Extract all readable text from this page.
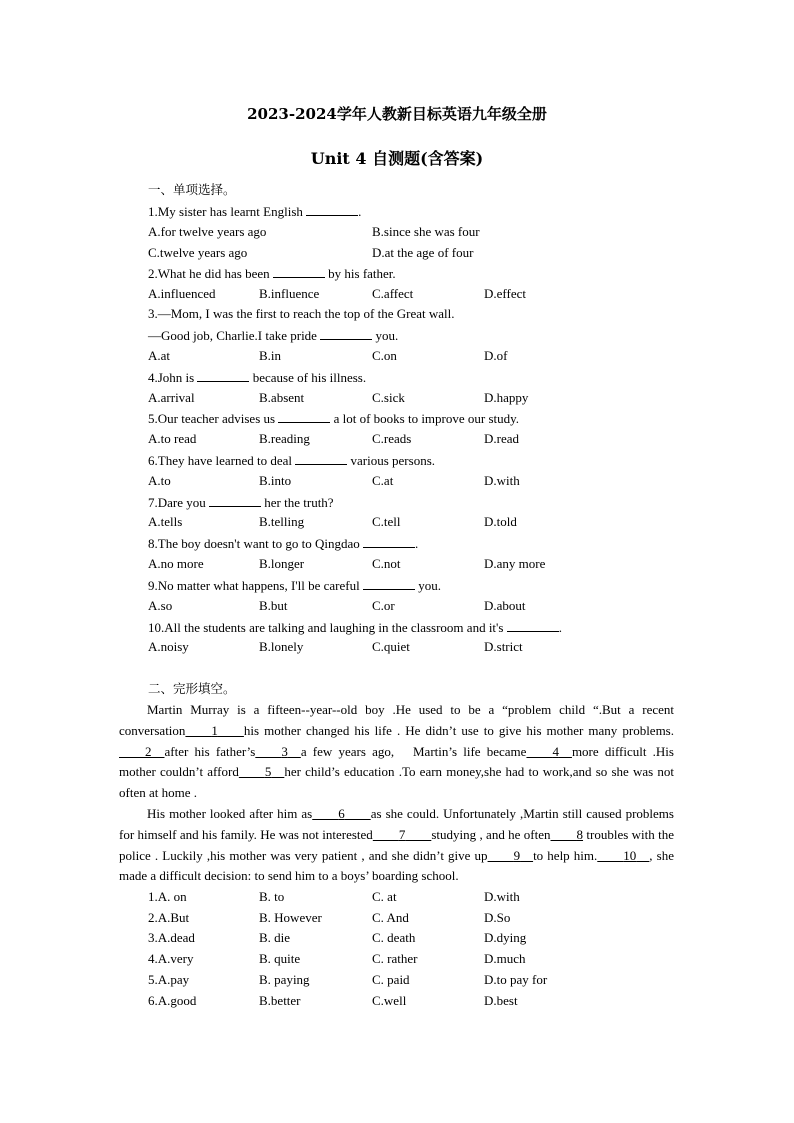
2023-2024学年人教新目标英语九年级全册
Unit 4 自测题(含答案)
一、单项选择。
1.My sister has learnt English	.
A.for twelve years ago	B.since she was four
C.twelve years ago	D.at the age of four
2.What he did has been	by his father.
A.influenced	B.influence	C.affect	D.effect
3.—Mom, I was the first to reach the top of the Great wall.
—Good job, Charlie.I take pride	you.
A.at	B.in	C.on	D.of
4.John is	because of his illness.
A.arrival	B.absent	C.sick	D.happy
5.Our teacher advises us	a lot of books to improve our study.
A.to read	B.reading	C.reads	D.read
6.They have learned to deal	various persons.
A.to	B.into	C.at	D.with
7.Dare you	her the truth?
A.tells	B.telling	C.tell	D.told
8.The boy doesn't want to go to Qingdao	.
A.no more	B.longer	C.not	D.any more
9.No matter what happens, I'll be careful	you.
A.so	B.but	C.or	D.about
10.All the students are talking and laughing in the classroom and it's	.
A.noisy	B.lonely	C.quiet	D.strict
二、完形填空。
Martin Murray is a fifteen--year--old boy .He used to be a “problem child “.But a recent conversation   1   his mother changed his life . He didn’t use to give his mother many problems.  2  after his father’s   3  a few years ago,　Martin’s life became   4  more difficult .His mother couldn’t afford   5  her child’s education .To earn money,she had to work,and so she was not often at home .
His mother looked after him as   6   as she could. Unfortunately ,Martin still caused problems for himself and his family. He was not interested   7   studying , and he often   8 troubles with the police . Luckily ,his mother was very patient , and she didn’t give up   9  to help him.   10  , she made a difficult decision: to send him to a boys’ boarding school.
1.A. on	B. to	C. at	D.with
2.A.But	B. However	C. And	D.So
3.A.dead	B. die	C. death	D.dying
4.A.very	B. quite	C. rather	D.much
5.A.pay	B. paying	C. paid	D.to pay for
6.A.good	B.better	C.well	D.best
